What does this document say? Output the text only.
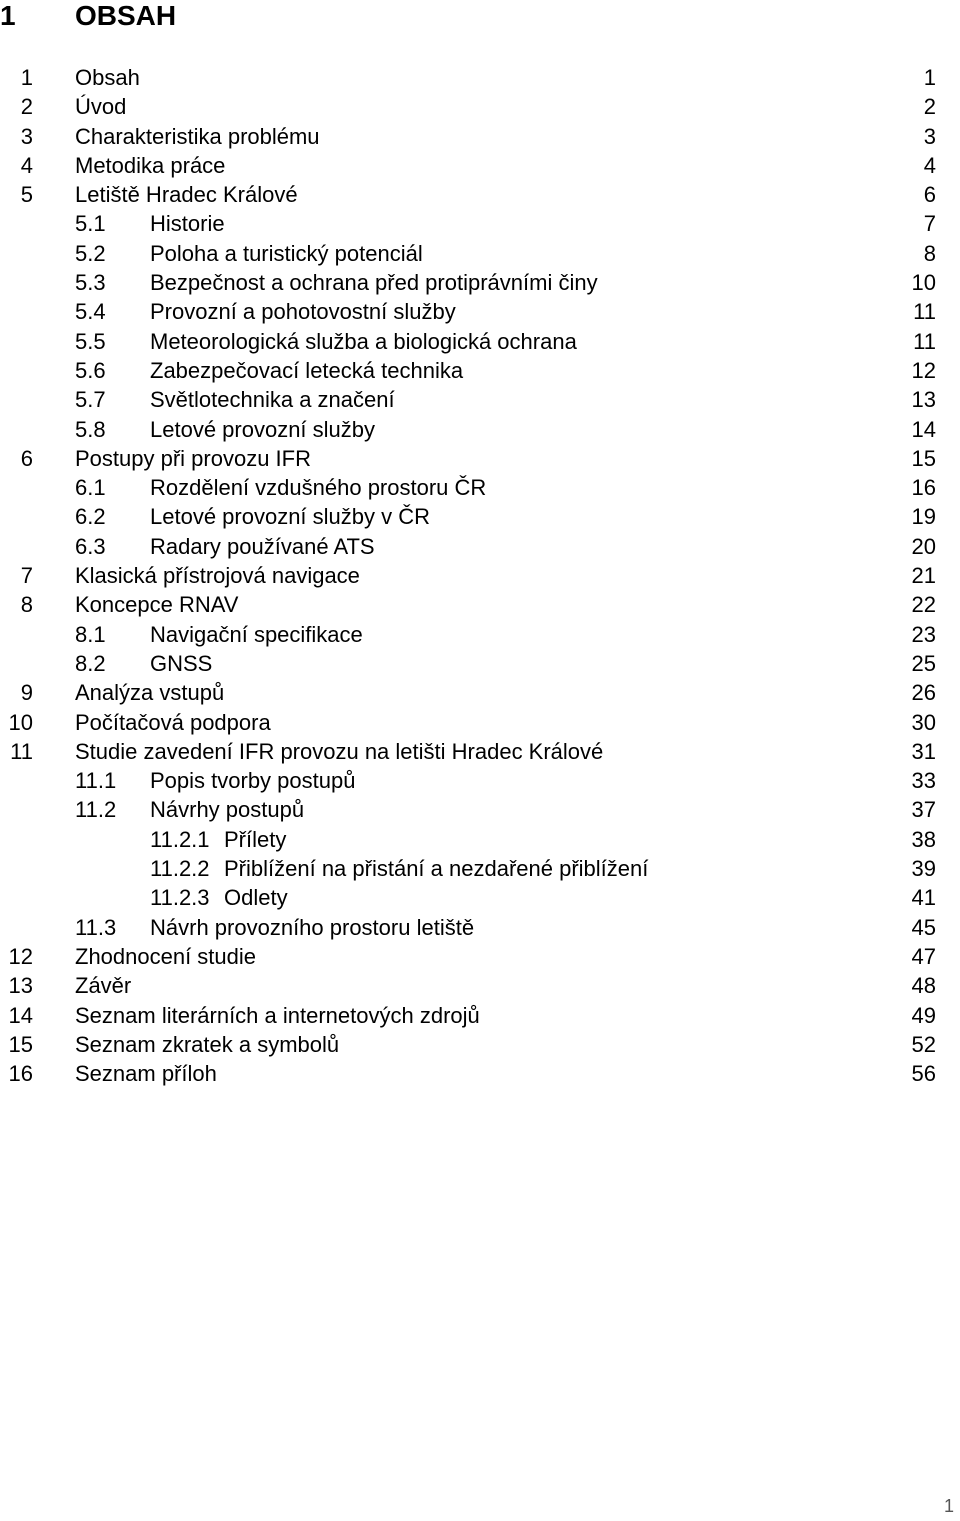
1 OBSAH
1 Obsah	1
2 Úvod	2
3 Charakteristika problému	3
4 Metodika práce	4
5 Letiště Hradec Králové	6
5.1 Historie	7
5.2 Poloha a turistický potenciál	8
5.3 Bezpečnost a ochrana před protiprávními činy	10
5.4 Provozní a pohotovostní služby	11
5.5 Meteorologická služba a biologická ochrana	11
5.6 Zabezpečovací letecká technika	12
5.7 Světlotechnika a značení	13
5.8 Letové provozní služby	14
6 Postupy při provozu IFR	15
6.1 Rozdělení vzdušného prostoru ČR	16
6.2 Letové provozní služby v ČR	19
6.3 Radary používané ATS	20
7 Klasická přístrojová navigace	21
8 Koncepce RNAV	22
8.1 Navigační specifikace	23
8.2 GNSS	25
9 Analýza vstupů	26
10 Počítačová podpora	30
11 Studie zavedení IFR provozu na letišti Hradec Králové	31
11.1 Popis tvorby postupů	33
11.2 Návrhy postupů	37
11.2.1 Přílety	38
11.2.2 Přiblížení na přistání a nezdařené přiblížení	39
11.2.3 Odlety	41
11.3 Návrh provozního prostoru letiště	45
12 Zhodnocení studie	47
13 Závěr	48
14 Seznam literárních a internetových zdrojů	49
15 Seznam zkratek a symbolů	52
16 Seznam příloh	56
1
